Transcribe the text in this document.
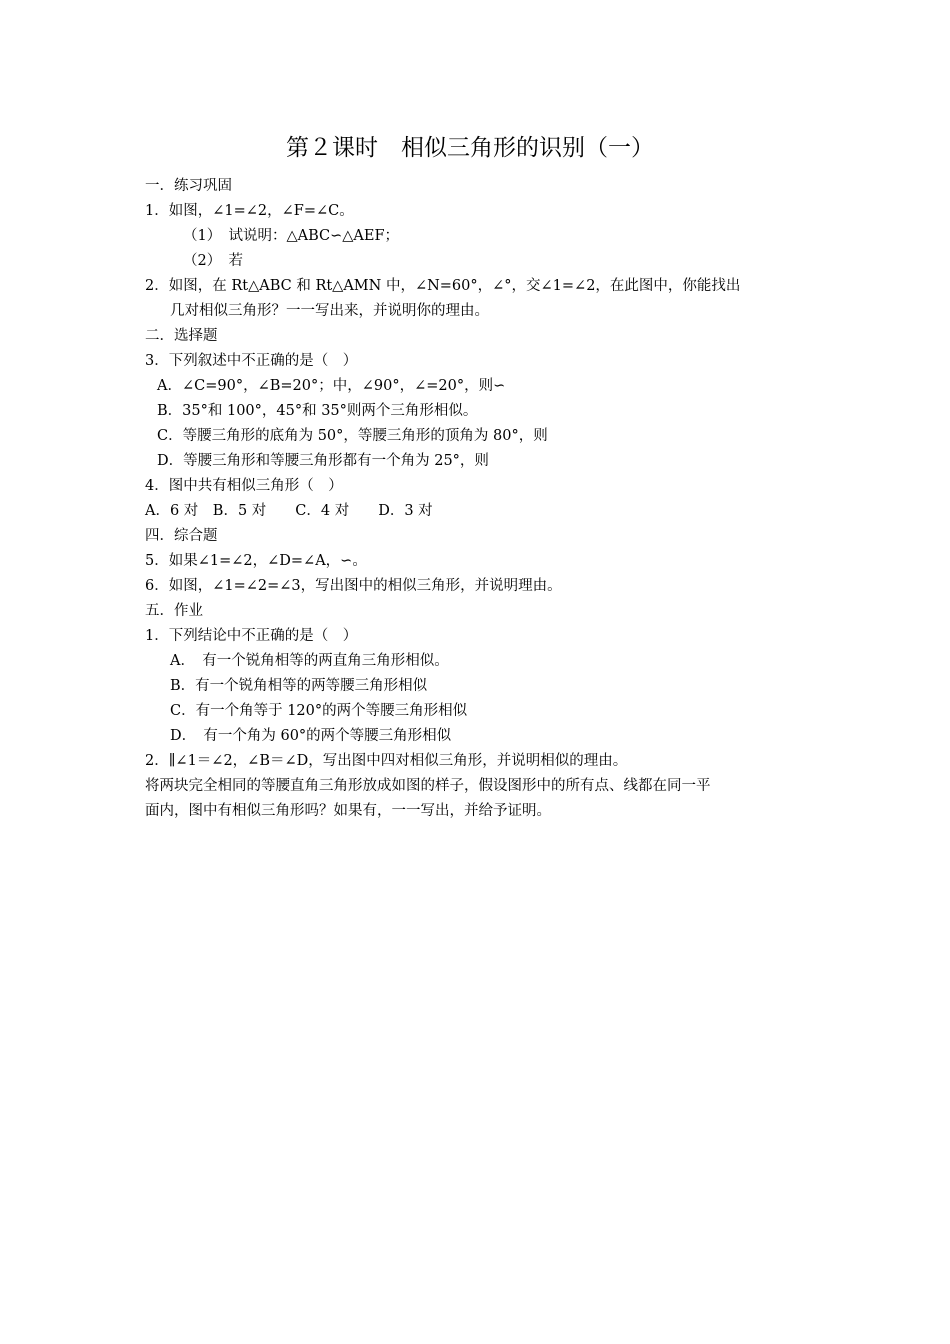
第２课时　相似三角形的识别（一）
一．练习巩固
1．如图，∠1=∠2，∠F=∠C。
（1）　试说明：△ABC∽△AEF；
（2）　若
2．如图，在 Rt△ABC 和 Rt△AMN 中，∠N=60°，∠°，交∠1=∠2，在此图中，你能找出
几对相似三角形？一一写出来，并说明你的理由。
二．选择题
3．下列叙述中不正确的是（　）
A．∠C=90°，∠B=20°；中，∠90°，∠=20°，则∽
B．35°和 100°，45°和 35°则两个三角形相似。
C．等腰三角形的底角为 50°，等腰三角形的顶角为 80°，则
D．等腰三角形和等腰三角形都有一个角为 25°，则
4．图中共有相似三角形（　）
A．6 对　B．5 对　　C．4 对　　D．3 对
四．综合题
5．如果∠1=∠2，∠D=∠A，∽。
6．如图，∠1=∠2=∠3，写出图中的相似三角形，并说明理由。
五．作业
1．下列结论中不正确的是（　）
A．　有一个锐角相等的两直角三角形相似。
B．有一个锐角相等的两等腰三角形相似
C．有一个角等于 120°的两个等腰三角形相似
D．　有一个角为 60°的两个等腰三角形相似
2．∥∠1＝∠2，∠B＝∠D，写出图中四对相似三角形，并说明相似的理由。
将两块完全相同的等腰直角三角形放成如图的样子，假设图形中的所有点、线都在同一平
面内，图中有相似三角形吗？如果有，一一写出，并给予证明。
